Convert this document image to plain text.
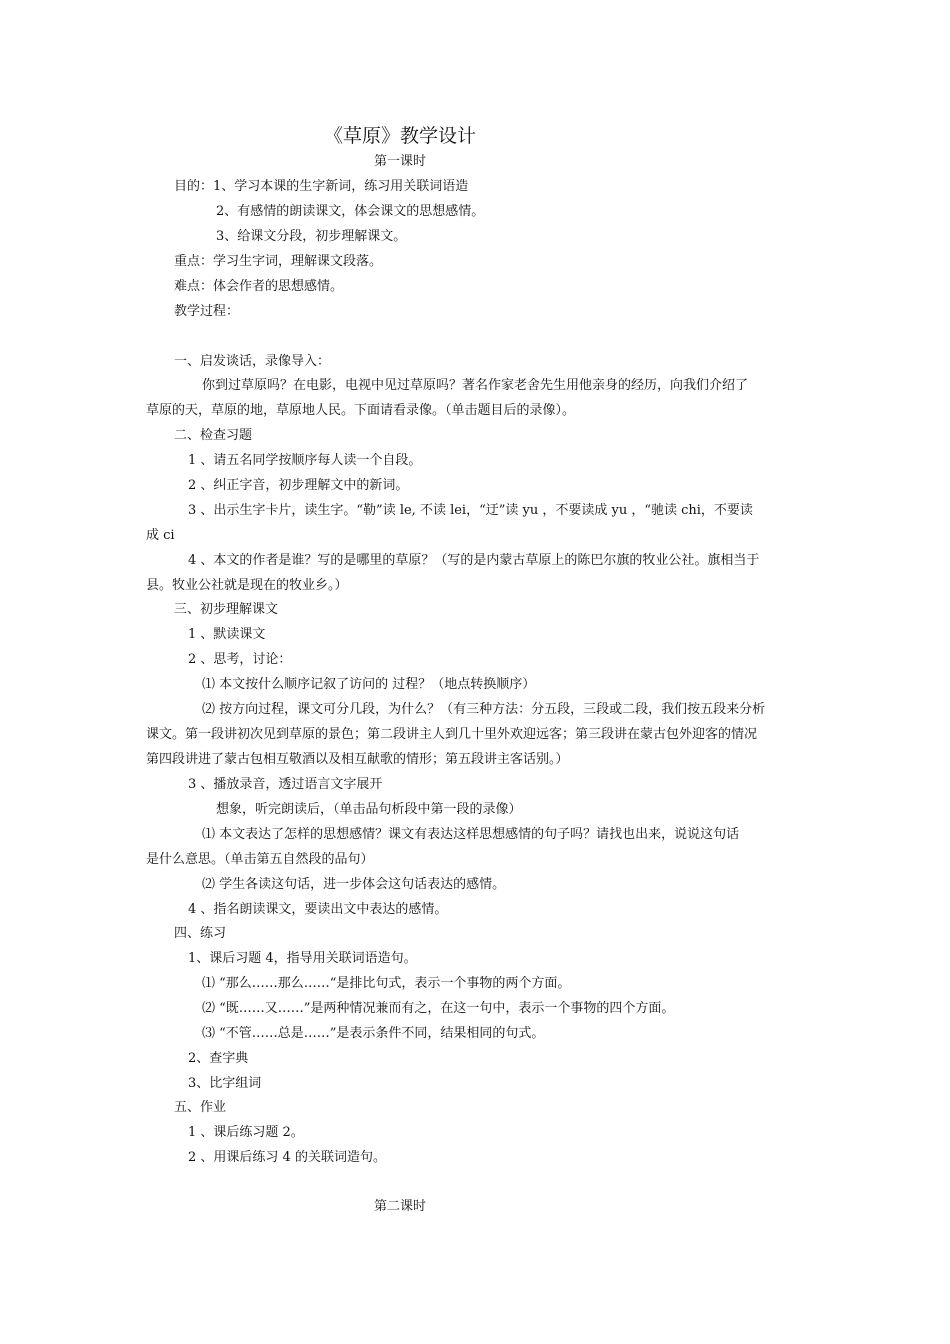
《草原》教学设计
第一课时
目的：1、学习本课的生字新词，练习用关联词语造
2、有感情的朗读课文，体会课文的思想感情。
3、给课文分段，初步理解课文。
重点：学习生字词，理解课文段落。
难点：体会作者的思想感情。
教学过程：
一、启发谈话，录像导入：
你到过草原吗？在电影，电视中见过草原吗？著名作家老舍先生用他亲身的经历，向我们介绍了
草原的天，草原的地，草原地人民。下面请看录像。（单击题目后的录像）。
二、检查习题
1 、请五名同学按顺序每人读一个自段。
2 、纠正字音，初步理解文中的新词。
3 、出示生字卡片，读生字。“勒”读 le, 不读 lei，“迂”读 yu ，不要读成 yu ，“驰读 chi，不要读
成 ci
4 、本文的作者是谁？写的是哪里的草原？（写的是内蒙古草原上的陈巴尔旗的牧业公社。旗相当于
县。牧业公社就是现在的牧业乡。）
三、初步理解课文
1 、默读课文
2 、思考，讨论：
⑴ 本文按什么顺序记叙了访问的 过程？（地点转换顺序）
⑵ 按方向过程，课文可分几段，为什么？（有三种方法：分五段，三段或二段，我们按五段来分析
课文。第一段讲初次见到草原的景色；第二段讲主人到几十里外欢迎远客；第三段讲在蒙古包外迎客的情况
第四段讲进了蒙古包相互敬酒以及相互献歌的情形；第五段讲主客话别。）
3 、播放录音，透过语言文字展开
想象，听完朗读后，（单击品句析段中第一段的录像）
⑴ 本文表达了怎样的思想感情？课文有表达这样思想感情的句子吗？请找也出来，说说这句话
是什么意思。（单击第五自然段的品句）
⑵ 学生各读这句话，进一步体会这句话表达的感情。
4 、指名朗读课文，要读出文中表达的感情。
四、练习
1、课后习题 4，指导用关联词语造句。
⑴ “那么……那么……“是排比句式，表示一个事物的两个方面。
⑵ “既……又……”是两种情况兼而有之，在这一句中，表示一个事物的四个方面。
⑶ “不管……总是……”是表示条件不同，结果相同的句式。
2、查字典
3、比字组词
五、作业
1 、课后练习题 2。
2 、用课后练习 4 的关联词造句。
第二课时
